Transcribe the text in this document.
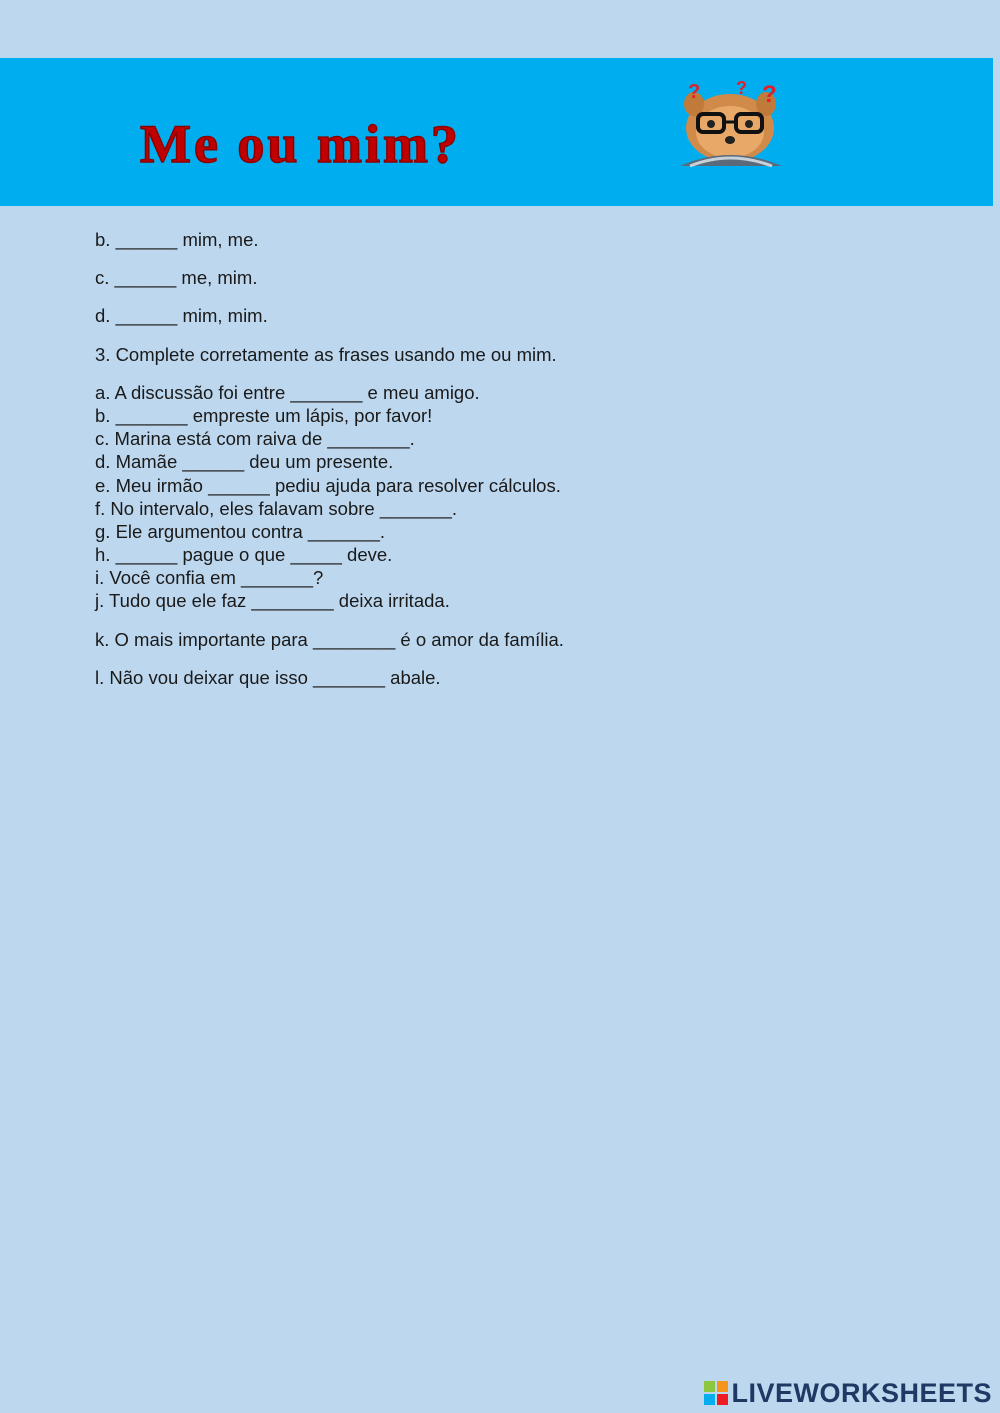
Me ou mim?
? ? ?
b. ______ mim, me.
c. ______ me, mim.
d. ______ mim, mim.
3. Complete corretamente as frases usando me ou mim.
a. A discussão foi entre _______ e meu amigo.
b. _______ empreste um lápis, por favor!
c. Marina está com raiva de ________.
d. Mamãe ______ deu um presente.
e. Meu irmão ______ pediu ajuda para resolver cálculos.
f. No intervalo, eles falavam sobre _______.
g. Ele argumentou contra _______.
h. ______ pague o que _____ deve.
i. Você confia em _______?
j. Tudo que ele faz ________ deixa irritada.
k. O mais importante para ________ é o amor da família.
l. Não vou deixar que isso _______ abale.
LIVEWORKSHEETS
